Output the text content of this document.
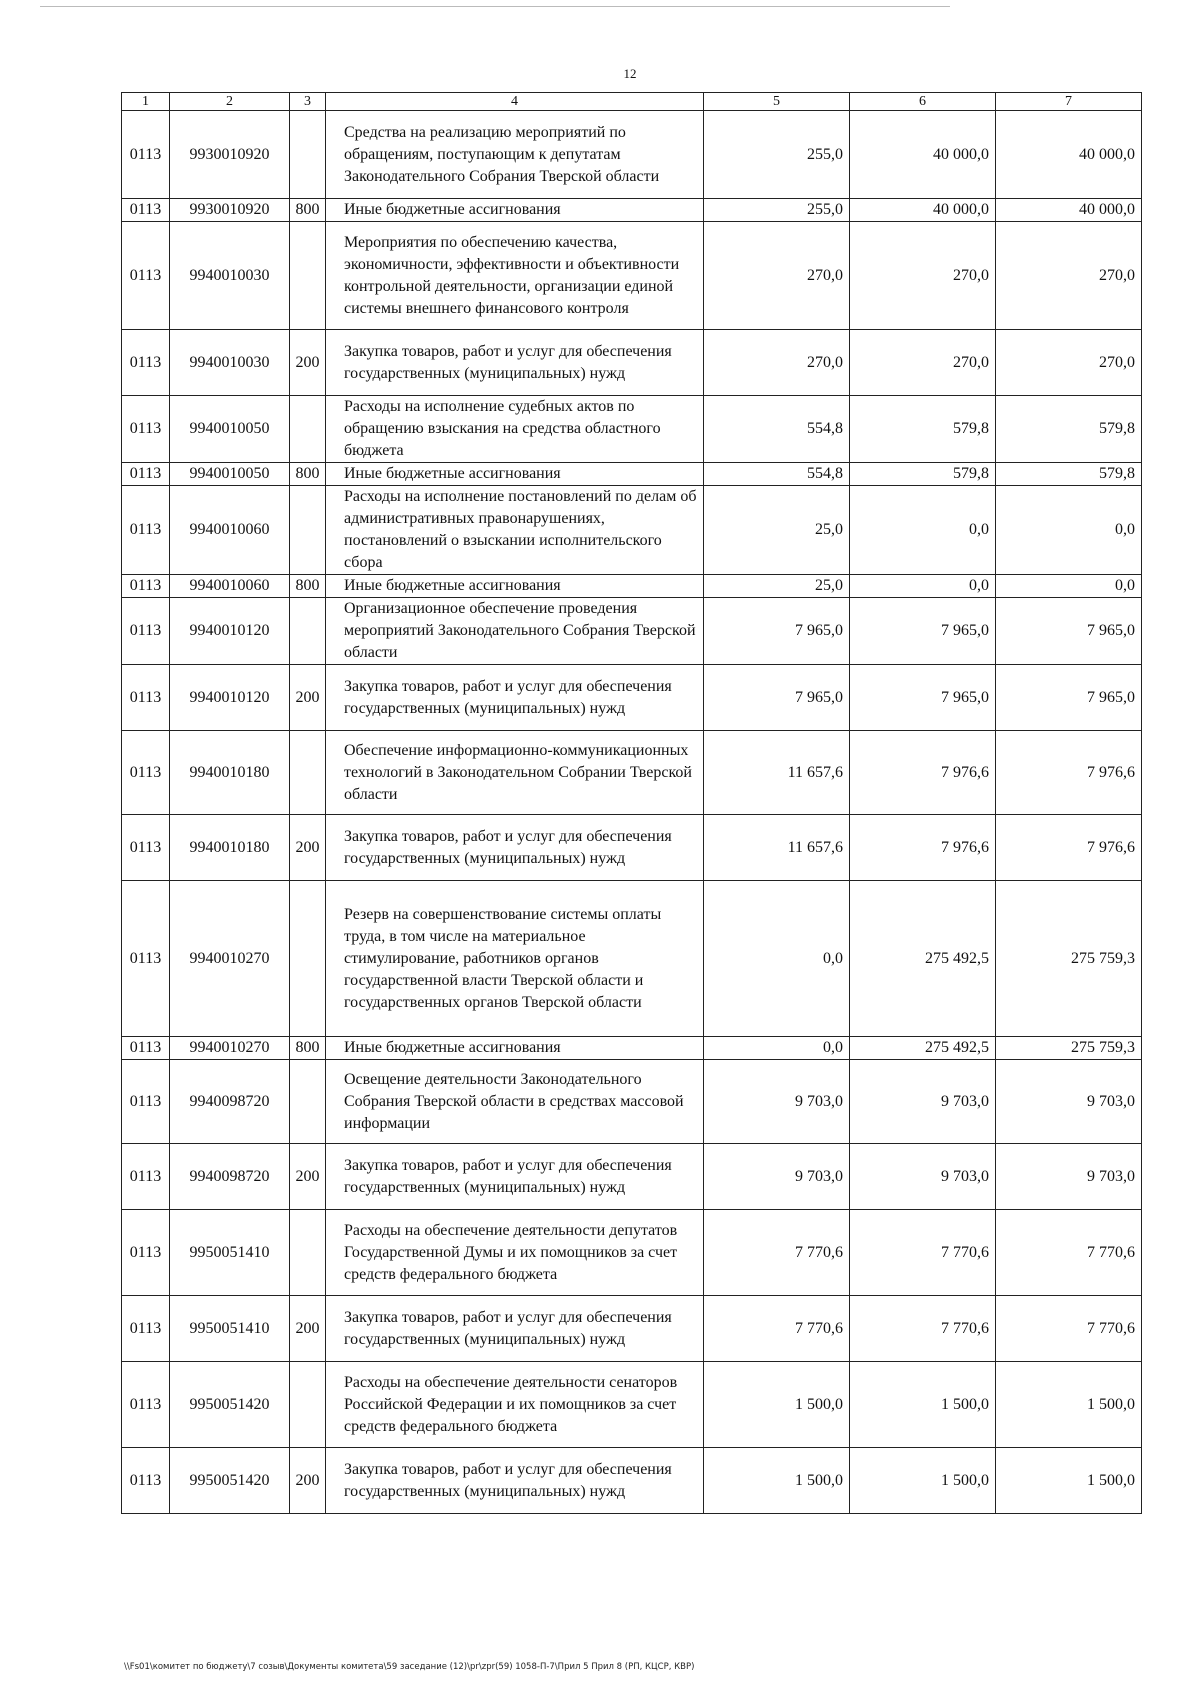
12
1	2	3	4	5	6	7
0113	9930010920		Средства на реализацию мероприятий по обращениям, поступающим к депутатам Законодательного Собрания Тверской области	255,0	40 000,0	40 000,0
0113	9930010920	800	Иные бюджетные ассигнования	255,0	40 000,0	40 000,0
0113	9940010030		Мероприятия по обеспечению качества, экономичности, эффективности и объективности контрольной деятельности, организации единой системы внешнего финансового контроля	270,0	270,0	270,0
0113	9940010030	200	Закупка товаров, работ и услуг для обеспечения государственных (муниципальных) нужд	270,0	270,0	270,0
0113	9940010050		Расходы на исполнение судебных актов по обращению взыскания на средства областного бюджета	554,8	579,8	579,8
0113	9940010050	800	Иные бюджетные ассигнования	554,8	579,8	579,8
0113	9940010060		Расходы на исполнение постановлений по делам об административных правонарушениях, постановлений о взыскании исполнительского сбора	25,0	0,0	0,0
0113	9940010060	800	Иные бюджетные ассигнования	25,0	0,0	0,0
0113	9940010120		Организационное обеспечение проведения мероприятий Законодательного Собрания Тверской области	7 965,0	7 965,0	7 965,0
0113	9940010120	200	Закупка товаров, работ и услуг для обеспечения государственных (муниципальных) нужд	7 965,0	7 965,0	7 965,0
0113	9940010180		Обеспечение информационно-коммуникационных технологий в Законодательном Собрании Тверской области	11 657,6	7 976,6	7 976,6
0113	9940010180	200	Закупка товаров, работ и услуг для обеспечения государственных (муниципальных) нужд	11 657,6	7 976,6	7 976,6
0113	9940010270		Резерв на совершенствование системы оплаты труда, в том числе на материальное стимулирование, работников органов государственной власти Тверской области и государственных органов Тверской области	0,0	275 492,5	275 759,3
0113	9940010270	800	Иные бюджетные ассигнования	0,0	275 492,5	275 759,3
0113	9940098720		Освещение деятельности Законодательного Собрания Тверской области в средствах массовой информации	9 703,0	9 703,0	9 703,0
0113	9940098720	200	Закупка товаров, работ и услуг для обеспечения государственных (муниципальных) нужд	9 703,0	9 703,0	9 703,0
0113	9950051410		Расходы на обеспечение деятельности депутатов Государственной Думы и их помощников за счет средств федерального бюджета	7 770,6	7 770,6	7 770,6
0113	9950051410	200	Закупка товаров, работ и услуг для обеспечения государственных (муниципальных) нужд	7 770,6	7 770,6	7 770,6
0113	9950051420		Расходы на обеспечение деятельности сенаторов Российской Федерации и их помощников за счет средств федерального бюджета	1 500,0	1 500,0	1 500,0
0113	9950051420	200	Закупка товаров, работ и услуг для обеспечения государственных (муниципальных) нужд	1 500,0	1 500,0	1 500,0
\\Fs01\комитет по бюджету\7 созыв\Документы комитета\59 заседание (12)\pr\zpr(59) 1058-П-7\Прил 5 Прил 8 (РП, КЦСР, КВР)
